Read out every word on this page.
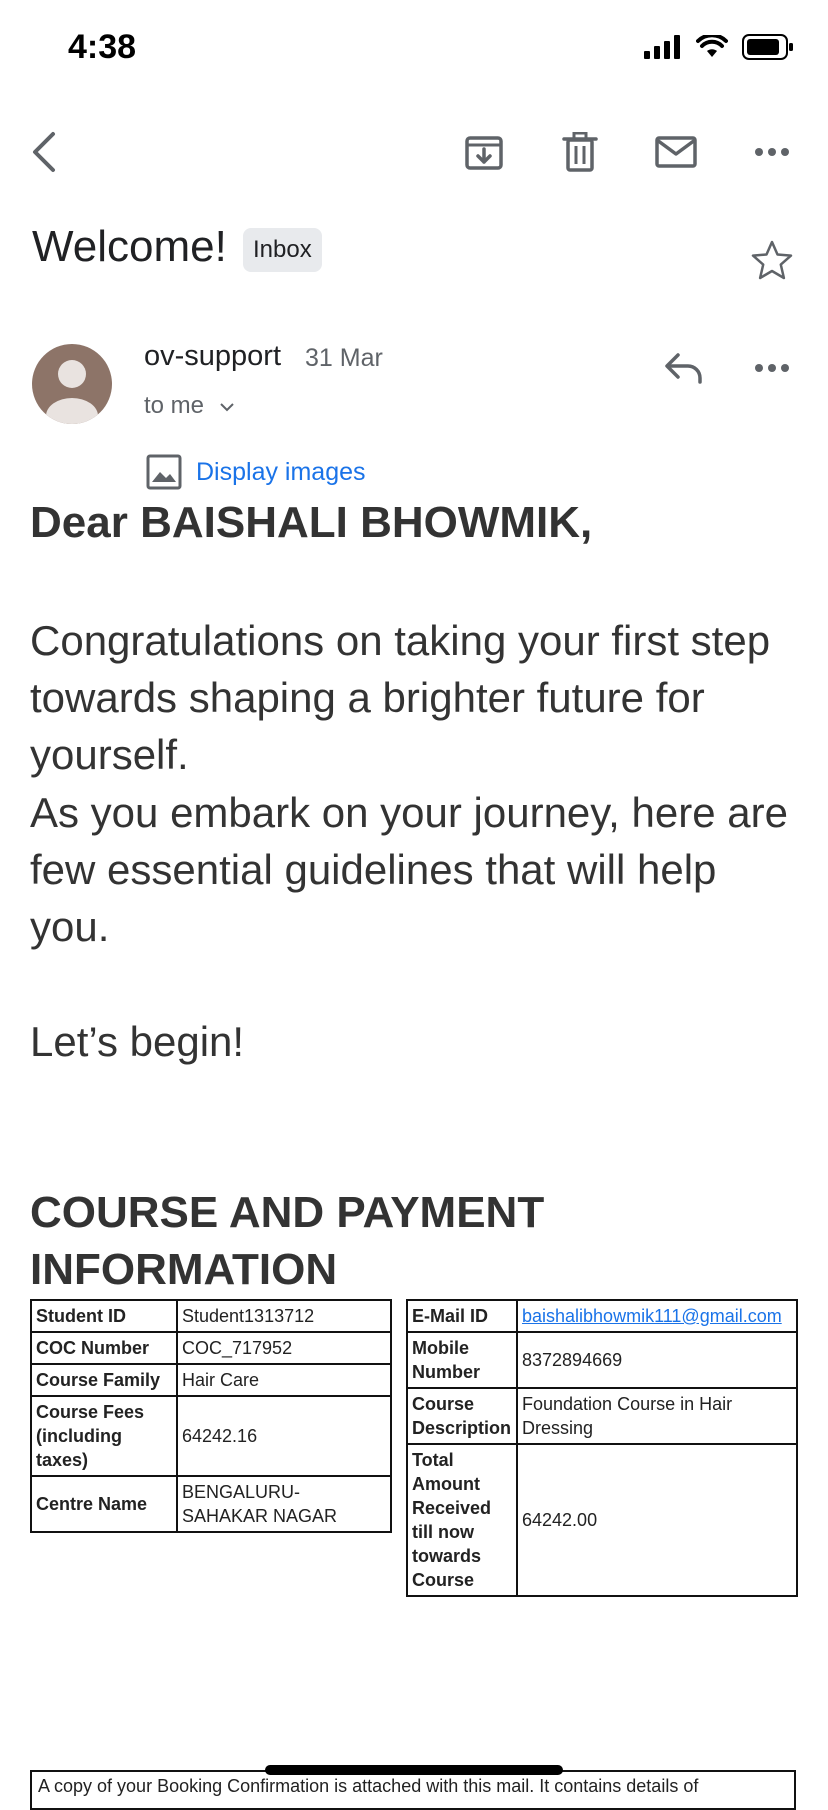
4:38
Welcome!	Inbox
ov-support 31 Mar
to me
Display images
Dear BAISHALI BHOWMIK,
Congratulations on taking your first step towards shaping a brighter future for yourself.
As you embark on your journey, here are few essential guidelines that will help you.
Let’s begin!
COURSE AND PAYMENT INFORMATION
Student ID	Student1313712
COC Number	COC_717952
Course Family	Hair Care
Course Fees (including taxes)	64242.16
Centre Name	BENGALURU-SAHAKAR NAGAR
E-Mail ID	baishalibhowmik111@gmail.com
Mobile Number	8372894669
Course Description	Foundation Course in Hair Dressing
Total Amount Received till now towards Course	64242.00
A copy of your Booking Confirmation is attached with this mail. It contains details of
